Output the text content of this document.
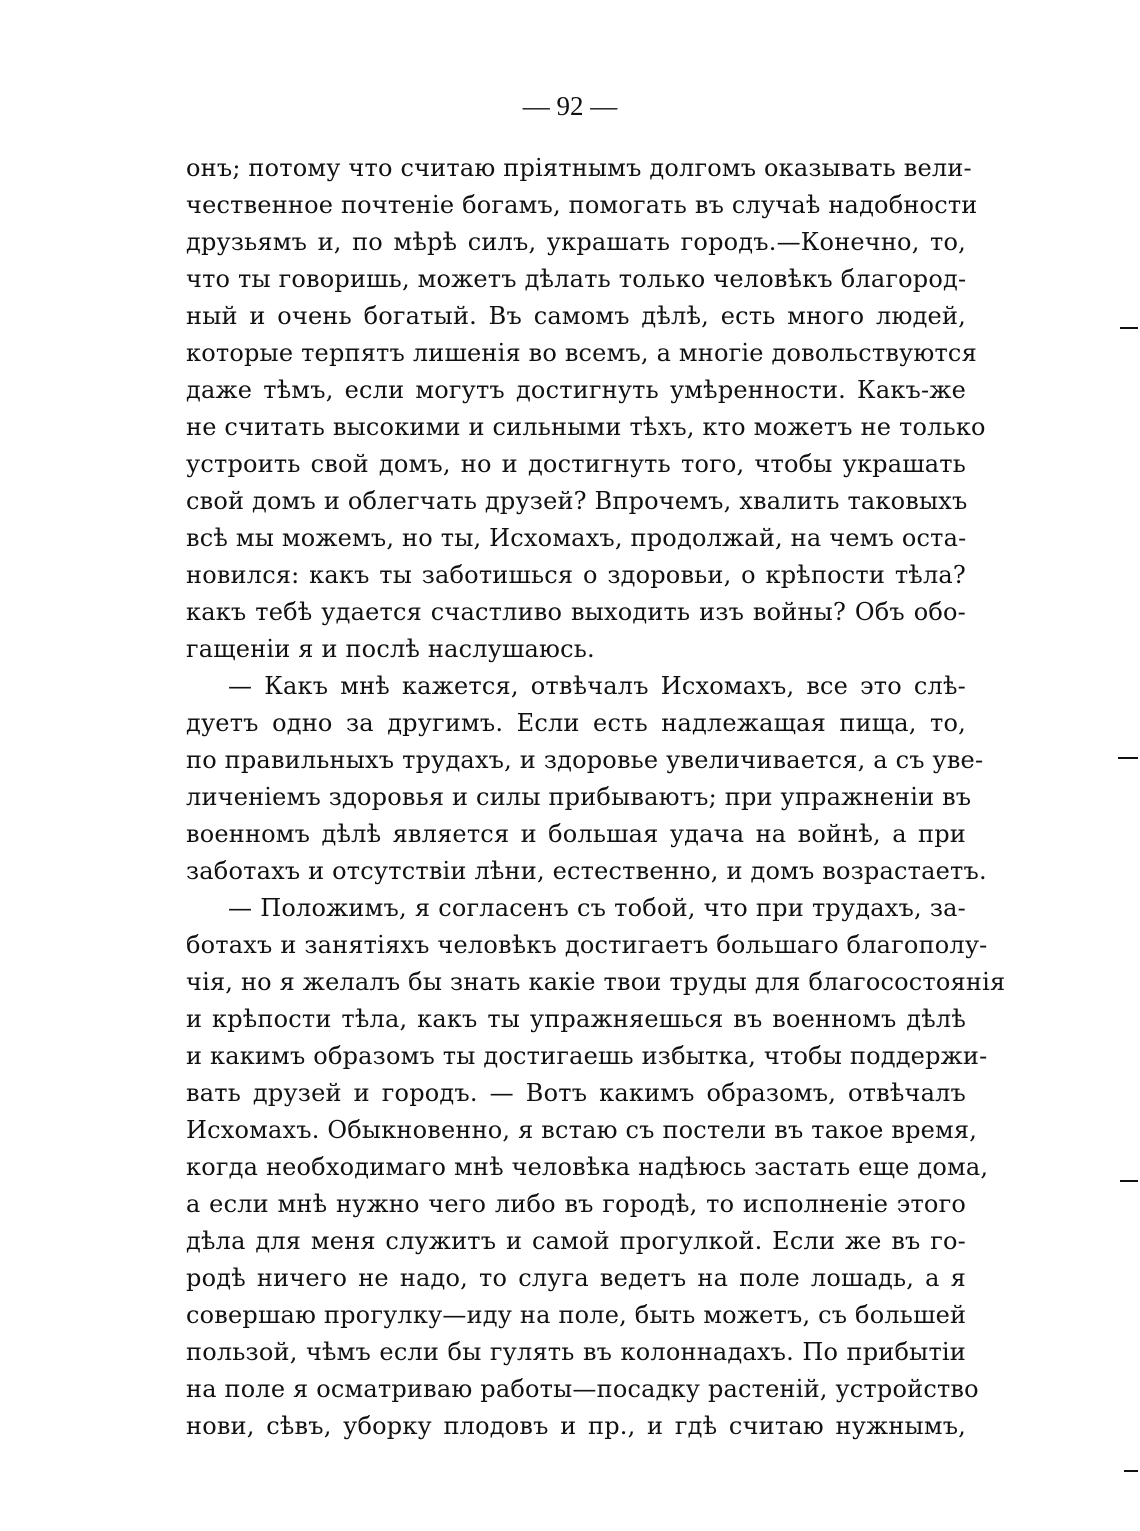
— 92 —
онъ; потому что считаю пріятнымъ долгомъ оказывать вели-
чественное почтеніе богамъ, помогать въ случаѣ надобности
друзьямъ и, по мѣрѣ силъ, украшать городъ.—Конечно, то,
что ты говоришь, можетъ дѣлать только человѣкъ благород-
ный и очень богатый. Въ самомъ дѣлѣ, есть много людей,
которые терпятъ лишенія во всемъ, а многіе довольствуются
даже тѣмъ, если могутъ достигнуть умѣренности. Какъ-же
не считать высокими и сильными тѣхъ, кто можетъ не только
устроить свой домъ, но и достигнуть того, чтобы украшать
свой домъ и облегчать друзей? Впрочемъ, хвалить таковыхъ
всѣ мы можемъ, но ты, Исхомахъ, продолжай, на чемъ оста-
новился: какъ ты заботишься о здоровьи, о крѣпости тѣла?
какъ тебѣ удается счастливо выходить изъ войны? Объ обо-
гащеніи я и послѣ наслушаюсь.
— Какъ мнѣ кажется, отвѣчалъ Исхомахъ, все это слѣ-
дуетъ одно за другимъ. Если есть надлежащая пища, то,
по правильныхъ трудахъ, и здоровье увеличивается, а съ уве-
личеніемъ здоровья и силы прибываютъ; при упражненіи въ
военномъ дѣлѣ является и большая удача на войнѣ, а при
заботахъ и отсутствіи лѣни, естественно, и домъ возрастаетъ.
— Положимъ, я согласенъ съ тобой, что при трудахъ, за-
ботахъ и занятіяхъ человѣкъ достигаетъ большаго благополу-
чія, но я желалъ бы знать какіе твои труды для благосостоянія
и крѣпости тѣла, какъ ты упражняешься въ военномъ дѣлѣ
и какимъ образомъ ты достигаешь избытка, чтобы поддержи-
вать друзей и городъ. — Вотъ какимъ образомъ, отвѣчалъ
Исхомахъ. Обыкновенно, я встаю съ постели въ такое время,
когда необходимаго мнѣ человѣка надѣюсь застать еще дома,
а если мнѣ нужно чего либо въ городѣ, то исполненіе этого
дѣла для меня служитъ и самой прогулкой. Если же въ го-
родѣ ничего не надо, то слуга ведетъ на поле лошадь, а я
совершаю прогулку—иду на поле, быть можетъ, съ большей
пользой, чѣмъ если бы гулять въ колоннадахъ. По прибытіи
на поле я осматриваю работы—посадку растеній, устройство
нови, сѣвъ, уборку плодовъ и пр., и гдѣ считаю нужнымъ,
